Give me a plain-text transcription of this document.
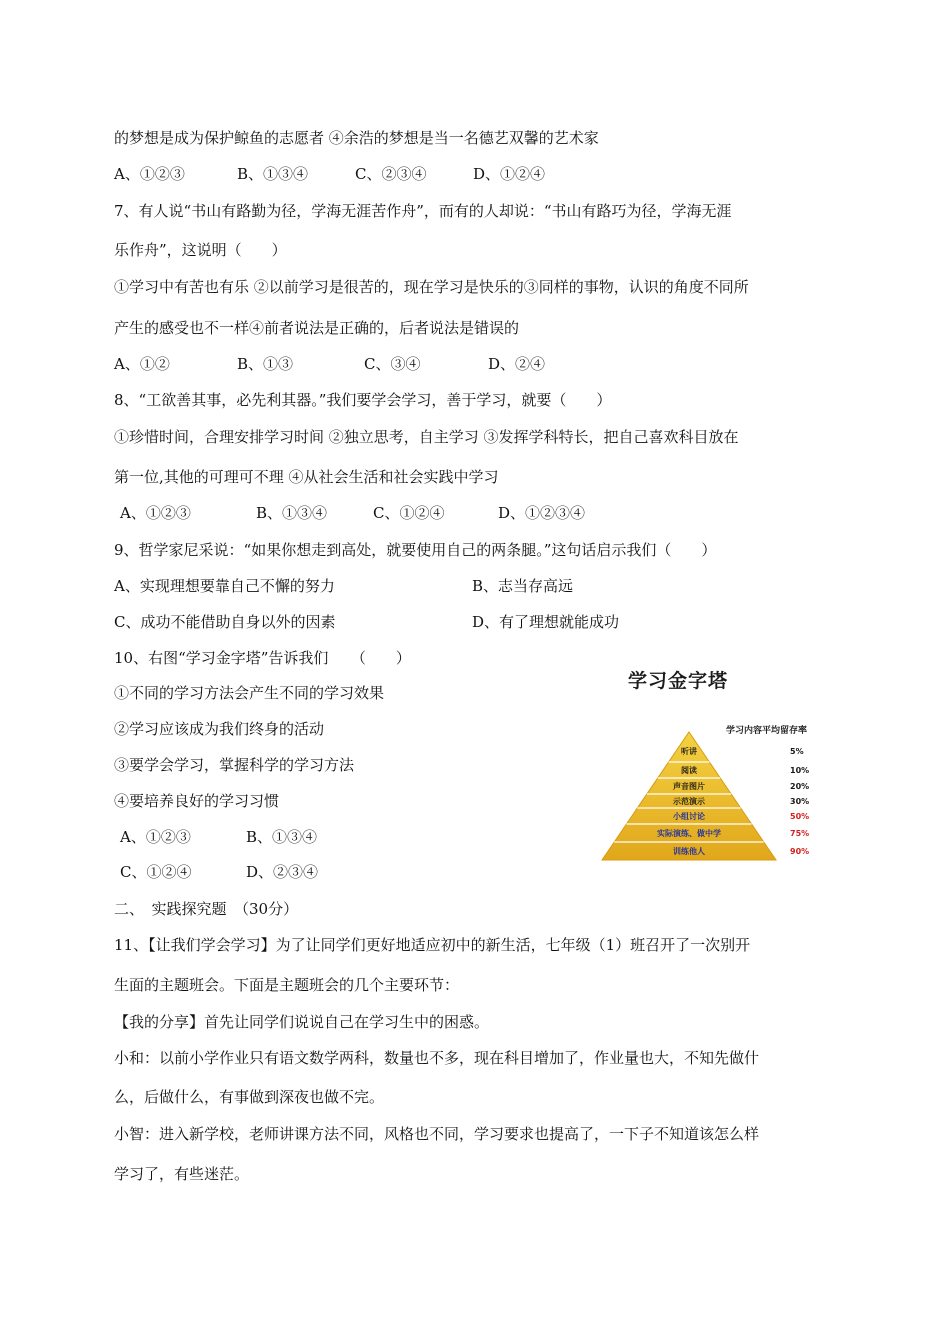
的梦想是成为保护鲸鱼的志愿者 ④余浩的梦想是当一名德艺双馨的艺术家
7、有人说“书山有路勤为径，学海无涯苦作舟”，而有的人却说：“书山有路巧为径，学海无涯
乐作舟”，这说明（　　）
①学习中有苦也有乐 ②以前学习是很苦的，现在学习是快乐的③同样的事物，认识的角度不同所
产生的感受也不一样④前者说法是正确的，后者说法是错误的
8、“工欲善其事，必先利其器。”我们要学会学习，善于学习，就要（　　）
①珍惜时间，合理安排学习时间 ②独立思考，自主学习 ③发挥学科特长，把自己喜欢科目放在
第一位,其他的可理可不理 ④从社会生活和社会实践中学习
9、哲学家尼采说：“如果你想走到高处，就要使用自己的两条腿。”这句话启示我们（　　）
10、右图“学习金字塔”告诉我们　　（　　）
①不同的学习方法会产生不同的学习效果
②学习应该成为我们终身的活动
③要学会学习，掌握科学的学习方法
④要培养良好的学习习惯
二、　实践探究题　（30分）
11、【让我们学会学习】为了让同学们更好地适应初中的新生活，七年级（1）班召开了一次别开
生面的主题班会。下面是主题班会的几个主要环节：
【我的分享】首先让同学们说说自己在学习生中的困惑。
小和：以前小学作业只有语文数学两科，数量也不多，现在科目增加了，作业量也大，不知先做什
么，后做什么，有事做到深夜也做不完。
小智：进入新学校，老师讲课方法不同，风格也不同，学习要求也提高了，一下子不知道该怎么样
学习了，有些迷茫。
A、①②③	B、①③④	C、②③④	D、①②④
A、①②	B、①③	C、③④	D、②④
A、①②③	B、①③④	C、①②④	D、①②③④
A、实现理想要靠自己不懈的努力	B、志当存高远
C、成功不能借助自身以外的因素	D、有了理想就能成功
A、①②③	B、①③④
C、①②④	D、②③④
学习金字塔
学习内容平均留存率
听讲	5%
阅读	10%
声音图片	20%
示范演示	30%
小组讨论	50%
实际演练、做中学	75%
训练他人	90%
